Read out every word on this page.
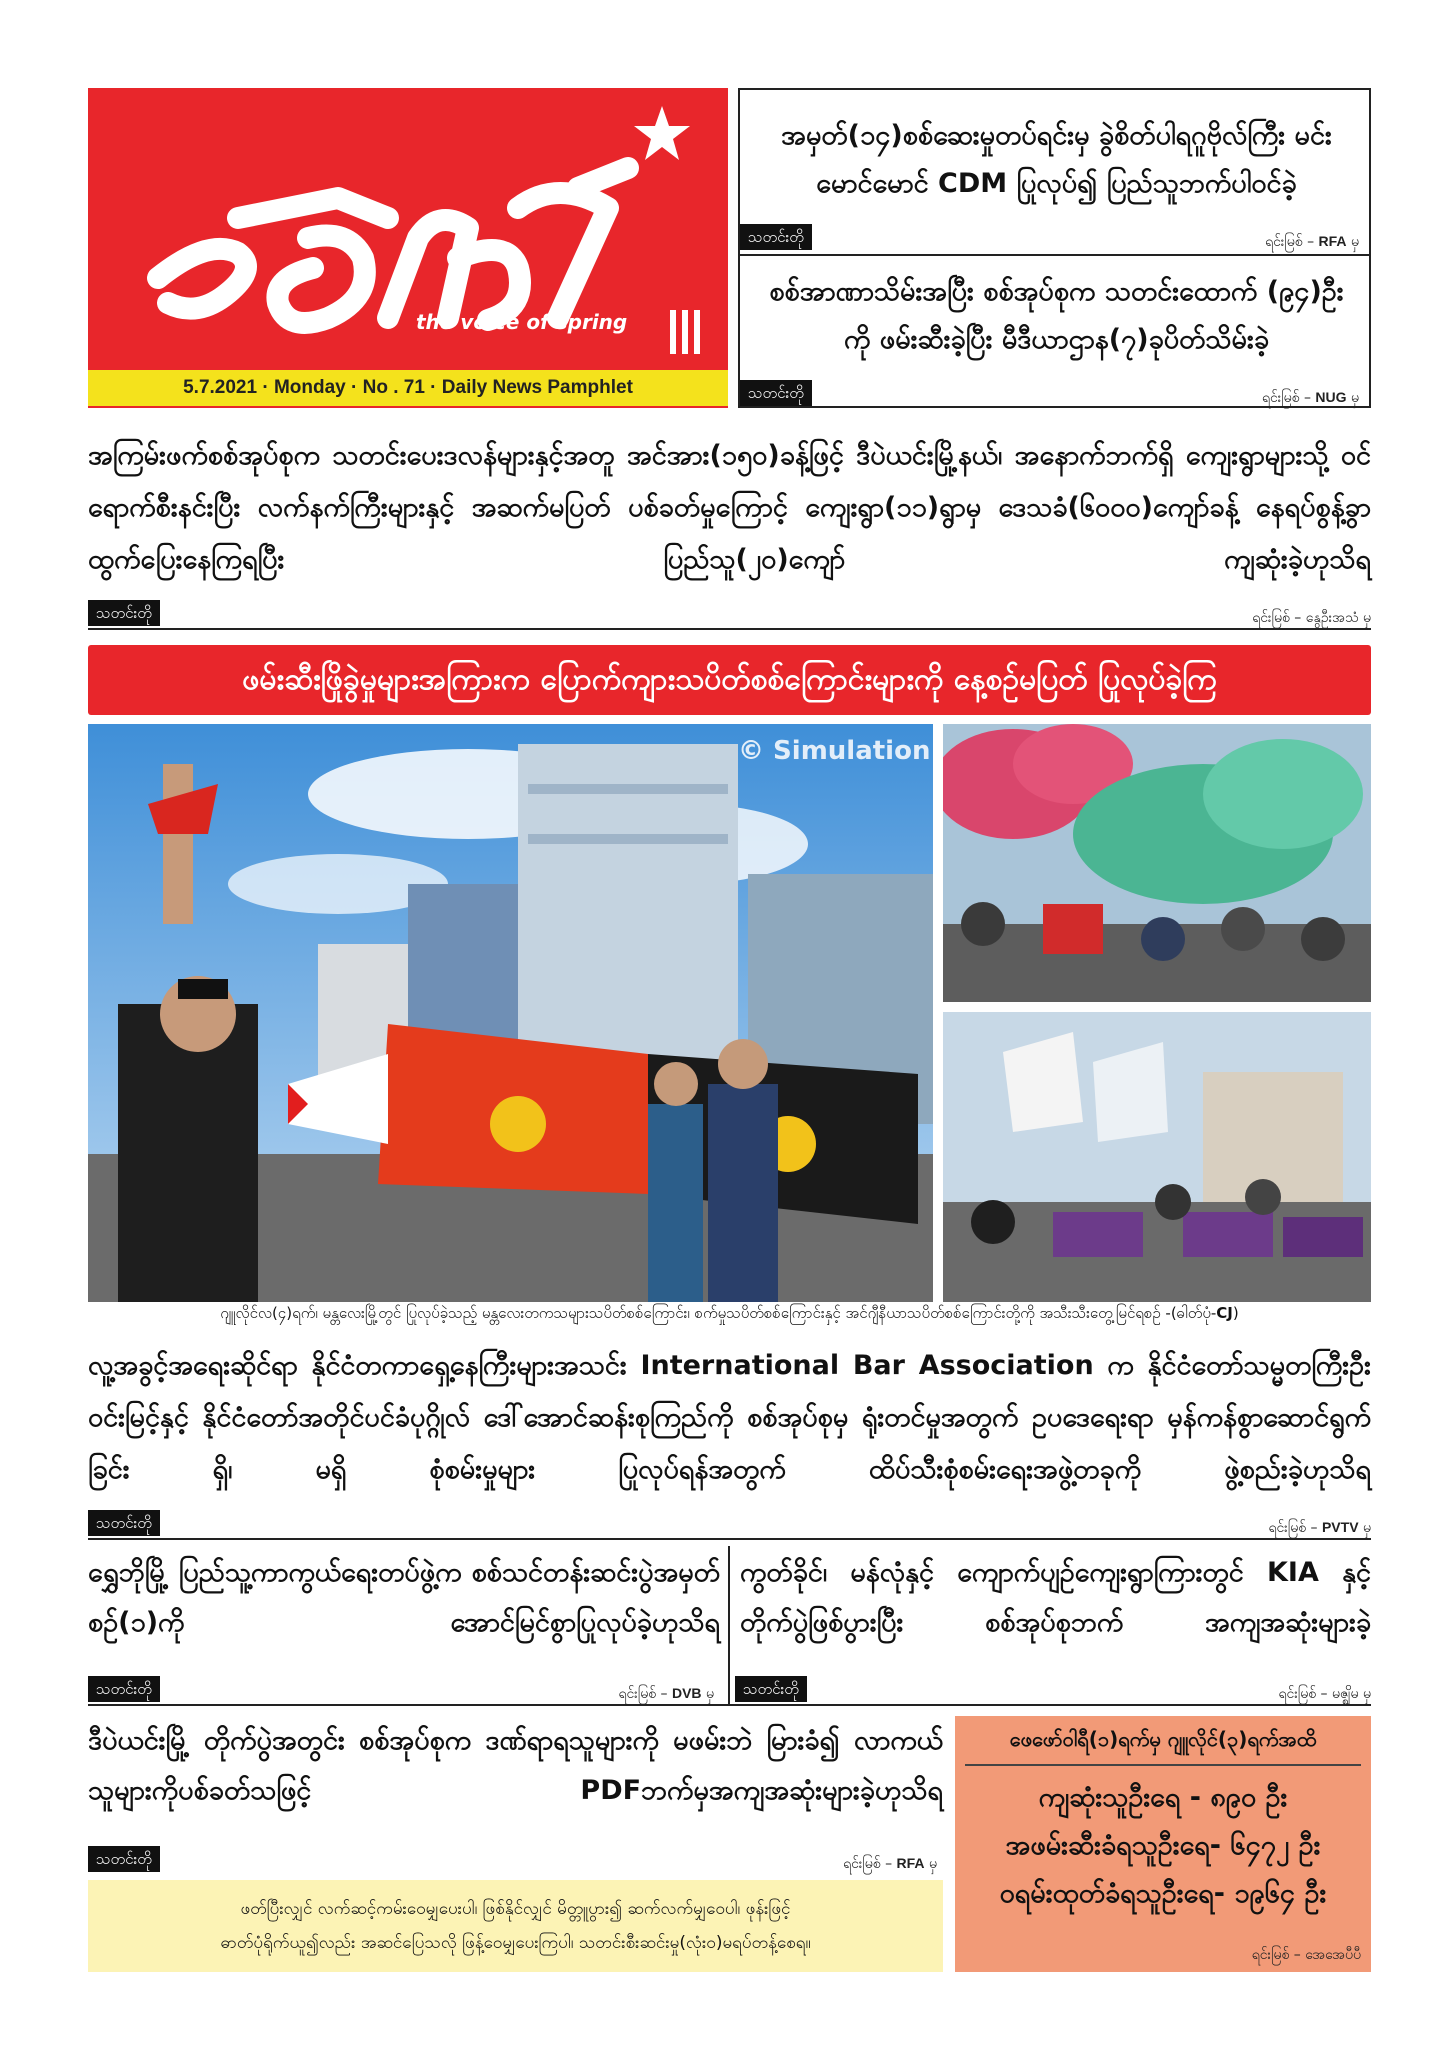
the voice of spring
5.7.2021 · Monday · No . 71 · Daily News Pamphlet
အမှတ်(၁၄)စစ်ဆေးမှုတပ်ရင်းမှ ခွဲစိတ်ပါရဂူဗိုလ်ကြီး မင်းမောင်မောင် CDM ပြုလုပ်၍ ပြည်သူဘက်ပါဝင်ခဲ့
သတင်းတို	ရင်းမြစ် – RFA မှ
စစ်အာဏာသိမ်းအပြီး စစ်အုပ်စုက သတင်းထောက် (၉၄)ဦးကို ဖမ်းဆီးခဲ့ပြီး မီဒီယာဌာန(၇)ခုပိတ်သိမ်းခဲ့
သတင်းတို	ရင်းမြစ် – NUG မှ
အကြမ်းဖက်စစ်အုပ်စုက သတင်းပေးဒလန်များနှင့်အတူ အင်အား(၁၅၀)ခန့်ဖြင့် ဒီပဲယင်းမြို့နယ်၊ အနောက်ဘက်ရှိ ကျေးရွာများသို့ ဝင်ရောက်စီးနင်းပြီး လက်နက်ကြီးများနှင့် အဆက်မပြတ် ပစ်ခတ်မှုကြောင့် ကျေးရွာ(၁၁)ရွာမှ ဒေသခံ(၆၀၀၀)ကျော်ခန့် နေရပ်စွန့်ခွာ ထွက်ပြေးနေကြရပြီး ပြည်သူ(၂၀)ကျော် ကျဆုံးခဲ့ဟုသိရ
သတင်းတို	ရင်းမြစ် – နွေဦးအသံ မှ
ဖမ်းဆီးဖြိုခွဲမှုများအကြားက ပြောက်ကျားသပိတ်စစ်ကြောင်းများကို နေ့စဉ်မပြတ် ပြုလုပ်ခဲ့ကြ
© Simulation
ဂျူလိုင်လ(၄)ရက်၊ မန္တလေးမြို့တွင် ပြုလုပ်ခဲ့သည့် မန္တလေးတကသများသပိတ်စစ်ကြောင်း၊ စက်မှုသပိတ်စစ်ကြောင်းနှင့် အင်ဂျီနီယာသပိတ်စစ်ကြောင်းတို့ကို အသီးသီးတွေ့မြင်ရစဉ် -(ဓါတ်ပုံ-CJ)
လူ့အခွင့်အရေးဆိုင်ရာ နိုင်ငံတကာရှေ့နေကြီးများအသင်း International Bar Association က နိုင်ငံတော်သမ္မတကြီးဦးဝင်းမြင့်နှင့် နိုင်ငံတော်အတိုင်ပင်ခံပုဂ္ဂိုလ် ဒေါ်အောင်ဆန်းစုကြည်ကို စစ်အုပ်စုမှ ရုံးတင်မှုအတွက် ဥပဒေရေးရာ မှန်ကန်စွာဆောင်ရွက်ခြင်း ရှိ၊ မရှိ စုံစမ်းမှုများ ပြုလုပ်ရန်အတွက် ထိပ်သီးစုံစမ်းရေးအဖွဲ့တခုကို ဖွဲ့စည်းခဲ့ဟုသိရ
သတင်းတို	ရင်းမြစ် – PVTV မှ
ရွှေဘိုမြို့ ပြည်သူ့ကာကွယ်ရေးတပ်ဖွဲ့က စစ်သင်တန်းဆင်းပွဲအမှတ်စဉ်(၁)ကို အောင်မြင်စွာပြုလုပ်ခဲ့ဟုသိရ
သတင်းတို	ရင်းမြစ် – DVB မှ
ကွတ်ခိုင်၊ မန်လုံနှင့် ကျောက်ပျဉ်ကျေးရွာကြားတွင် KIA နှင့် တိုက်ပွဲဖြစ်ပွားပြီး စစ်အုပ်စုဘက် အကျအဆုံးများခဲ့
သတင်းတို	ရင်းမြစ် – မဇ္ဈိမ မှ
ဒီပဲယင်းမြို့ တိုက်ပွဲအတွင်း စစ်အုပ်စုက ဒဏ်ရာရသူများကို မဖမ်းဘဲ မြားခံ၍ လာကယ်သူများကိုပစ်ခတ်သဖြင့် PDFဘက်မှအကျအဆုံးများခဲ့ဟုသိရ
သတင်းတို	ရင်းမြစ် – RFA မှ
ဖတ်ပြီးလျှင် လက်ဆင့်ကမ်းဝေမျှပေးပါ၊ ဖြစ်နိုင်လျှင် မိတ္တူပွား၍ ဆက်လက်မျှဝေပါ၊ ဖုန်းဖြင့်
ဓာတ်ပုံရိုက်ယူ၍လည်း အဆင်ပြေသလို ဖြန့်ဝေမျှပေးကြပါ၊ သတင်းစီးဆင်းမှု(လုံး၀)မရပ်တန့်စေရ။
ဖေဖော်ဝါရီ(၁)ရက်မှ ဂျူလိုင်(၃)ရက်အထိ
ကျဆုံးသူဦးရေ - ၈၉၀ ဦး
အဖမ်းဆီးခံရသူဦးရေ- ၆၄၇၂ ဦး
ဝရမ်းထုတ်ခံရသူဦးရေ- ၁၉၆၄ ဦး
ရင်းမြစ် – အေအေပီပီ
